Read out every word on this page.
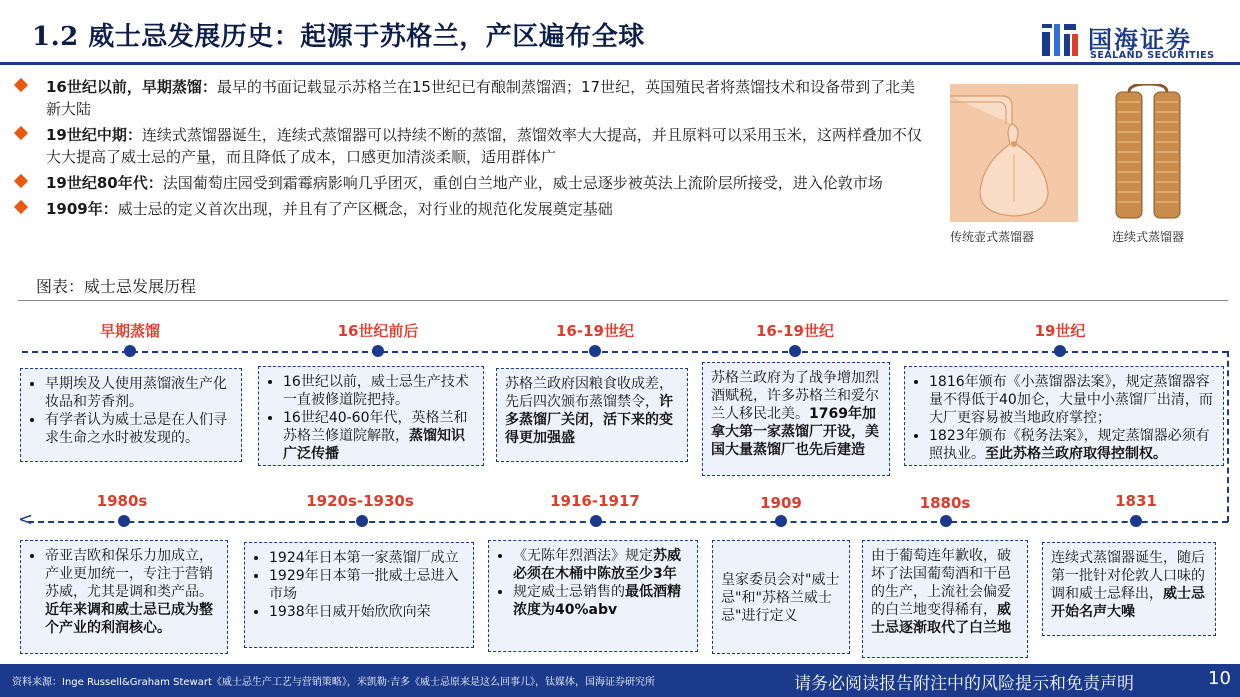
1.2 威士忌发展历史：起源于苏格兰，产区遍布全球	国海证券
SEALAND SECURITIES
16世纪以前，早期蒸馏：最早的书面记载显示苏格兰在15世纪已有酿制蒸馏酒；17世纪，英国殖民者将蒸馏技术和设备带到了北美新大陆
19世纪中期：连续式蒸馏器诞生，连续式蒸馏器可以持续不断的蒸馏，蒸馏效率大大提高，并且原料可以采用玉米，这两样叠加不仅大大提高了威士忌的产量，而且降低了成本，口感更加清淡柔顺，适用群体广
19世纪80年代：法国葡萄庄园受到霜霉病影响几乎团灭，重创白兰地产业，威士忌逐步被英法上流阶层所接受，进入伦敦市场
1909年：威士忌的定义首次出现，并且有了产区概念，对行业的规范化发展奠定基础
传统壶式蒸馏器	连续式蒸馏器
图表：威士忌发展历程
<
早期蒸馏	16世纪前后	16-19世纪	16-19世纪	19世纪
• 早期埃及人使用蒸馏液生产化妆品和芳香剂。
• 有学者认为威士忌是在人们寻求生命之水时被发现的。
• 16世纪以前，威士忌生产技术一直被修道院把持。
• 16世纪40-60年代，英格兰和苏格兰修道院解散，蒸馏知识广泛传播
苏格兰政府因粮食收成差，先后四次颁布蒸馏禁令，许多蒸馏厂关闭，活下来的变得更加强盛
苏格兰政府为了战争增加烈酒赋税，许多苏格兰和爱尔兰人移民北美。1769年加拿大第一家蒸馏厂开设，美国大量蒸馏厂也先后建造
• 1816年颁布《小蒸馏器法案》，规定蒸馏器容量不得低于40加仑，大量中小蒸馏厂出清，而大厂更容易被当地政府掌控；
• 1823年颁布《税务法案》，规定蒸馏器必须有照执业。至此苏格兰政府取得控制权。
1980s	1920s-1930s	1916-1917	1909	1880s	1831
• 帝亚吉欧和保乐力加成立，产业更加统一，专注于营销苏威，尤其是调和类产品。近年来调和威士忌已成为整个产业的利润核心。
• 1924年日本第一家蒸馏厂成立
• 1929年日本第一批威士忌进入市场
• 1938年日威开始欣欣向荣
• 《无陈年烈酒法》规定苏威必须在木桶中陈放至少3年
• 规定威士忌销售的最低酒精浓度为40%abv
皇家委员会对"威士忌"和"苏格兰威士忌"进行定义
由于葡萄连年歉收，破坏了法国葡萄酒和干邑的生产，上流社会偏爱的白兰地变得稀有，威士忌逐渐取代了白兰地
连续式蒸馏器诞生，随后第一批针对伦敦人口味的调和威士忌释出，威士忌开始名声大噪
资料来源：Inge Russell&Graham Stewart《威士忌生产工艺与营销策略》，米凯勒·吉多《威士忌原来是这么回事儿》，钛媒体，国海证券研究所	请务必阅读报告附注中的风险提示和免责声明	10
